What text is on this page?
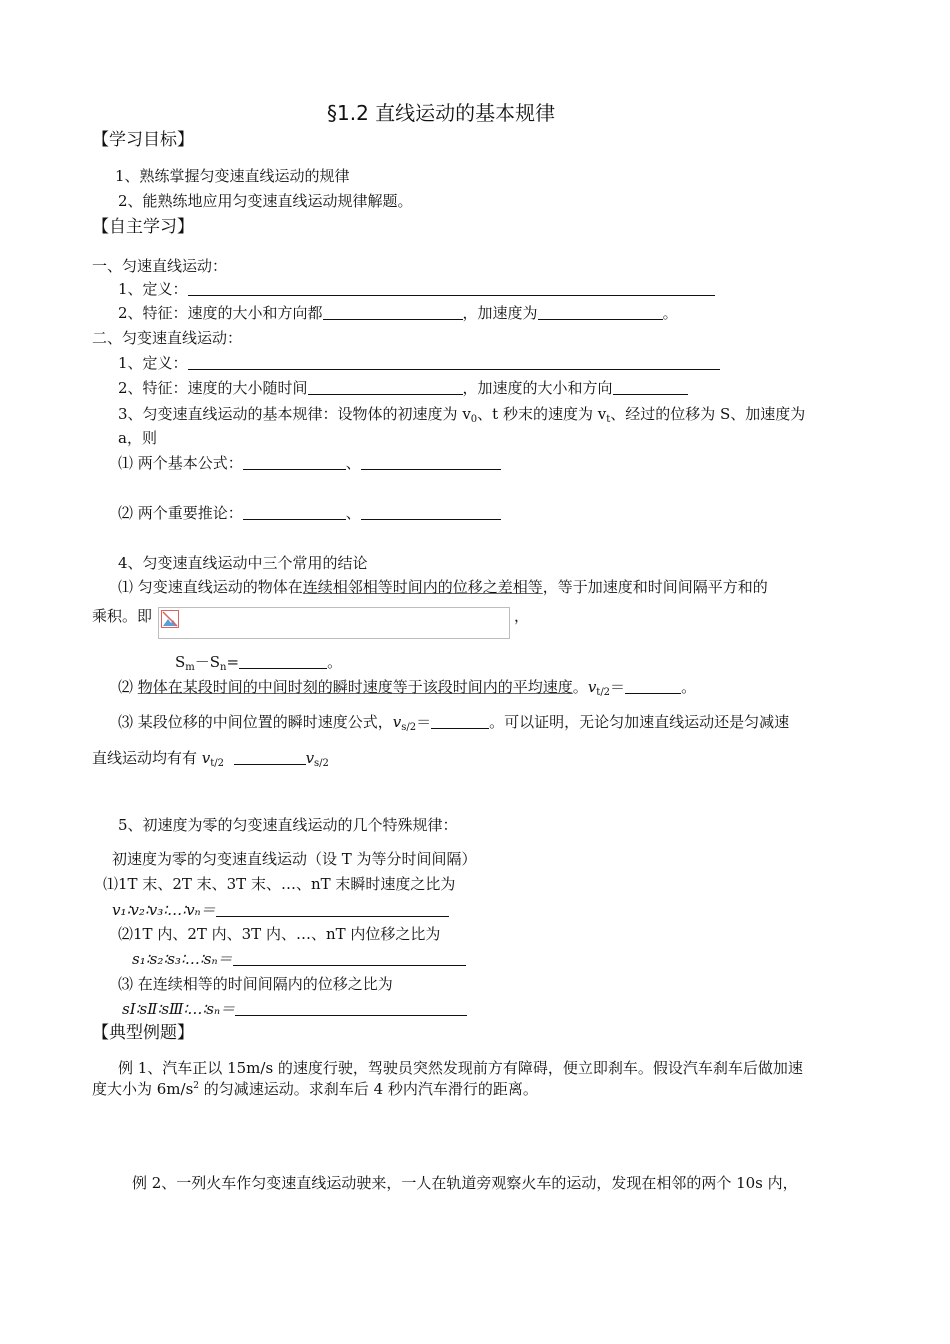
§1.2 直线运动的基本规律
【学习目标】
1、熟练掌握匀变速直线运动的规律
2、能熟练地应用匀变速直线运动规律解题。
【自主学习】
一、匀速直线运动：
1、定义：
2、特征：速度的大小和方向都	，加速度为	。
二、匀变速直线运动：
1、定义：
2、特征：速度的大小随时间	，加速度的大小和方向
3、匀变速直线运动的基本规律：设物体的初速度为 $v_0$、t 秒末的速度为 $v_t$、经过的位移为 S、加速度为
a，则
⑴ 两个基本公式：	、
⑵ 两个重要推论：	、
4、匀变速直线运动中三个常用的结论
⑴ 匀变速直线运动的物体在连续相邻相等时间内的位移之差相等，等于加速度和时间间隔平方和的
乘积。即	，
$S_m-S_n=$	。
⑵ 物体在某段时间的中间时刻的瞬时速度等于该段时间内的平均速度。$v_{t/2}=$	。
⑶ 某段位移的中间位置的瞬时速度公式，$v_{s/2}=$	。可以证明，无论匀加速直线运动还是匀减速
直线运动均有有 $v_{t/2}$	$v_{s/2}$
5、初速度为零的匀变速直线运动的几个特殊规律：
初速度为零的匀变速直线运动（设 T 为等分时间间隔）
⑴1T 末、2T 末、3T 末、…、nT 末瞬时速度之比为
v₁∶v₂∶v₃∶…∶vₙ＝
⑵1T 内、2T 内、3T 内、…、nT 内位移之比为
s₁∶s₂∶s₃∶…∶sₙ＝
⑶ 在连续相等的时间间隔内的位移之比为
sⅠ∶sⅡ∶sⅢ∶…∶sₙ＝
【典型例题】
例 1、汽车正以 15m/s 的速度行驶，驾驶员突然发现前方有障碍，便立即刹车。假设汽车刹车后做加速
度大小为 $6m/s^2$ 的匀减速运动。求刹车后 4 秒内汽车滑行的距离。
例 2、一列火车作匀变速直线运动驶来，一人在轨道旁观察火车的运动，发现在相邻的两个 10s 内，
